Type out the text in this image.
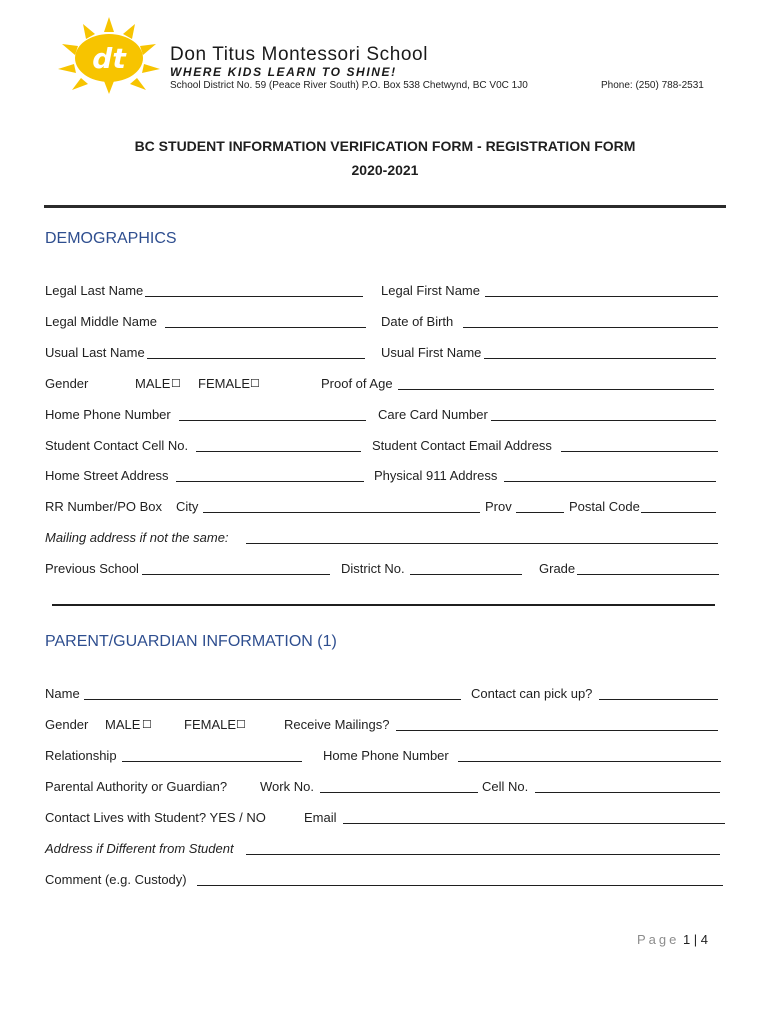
dt Don Titus Montessori School
WHERE KIDS LEARN TO SHINE!
School District No. 59 (Peace River South) P.O. Box 538 Chetwynd, BC V0C 1J0	Phone: (250) 788-2531
BC STUDENT INFORMATION VERIFICATION FORM - REGISTRATION FORM
2020-2021
DEMOGRAPHICS
Legal Last Name	Legal First Name
Legal Middle Name	Date of Birth
Usual Last Name	Usual First Name
Gender	MALE ☐ FEMALE ☐	Proof of Age
Home Phone Number	Care Card Number
Student Contact Cell No.	Student Contact Email Address
Home Street Address	Physical 911 Address
RR Number/PO Box City	Prov	Postal Code
Mailing address if not the same:
Previous School	District No.	Grade
PARENT/GUARDIAN INFORMATION (1)
Name	Contact can pick up?
Gender MALE ☐ FEMALE ☐	Receive Mailings?
Relationship	Home Phone Number
Parental Authority or Guardian?	Work No.	Cell No.
Contact Lives with Student? YES / NO	Email
Address if Different from Student
Comment (e.g. Custody)
Page 1 | 4
